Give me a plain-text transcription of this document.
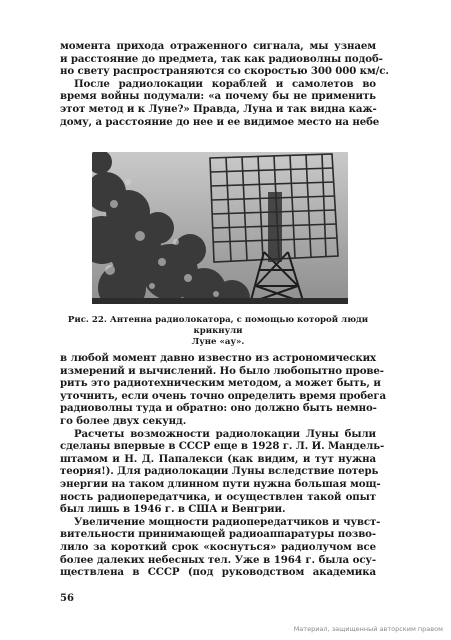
момента прихода отраженного сигнала, мы узнаем
и расстояние до предмета, так как радиоволны подоб-
но свету распространяются со скоростью 300 000 км/с.
После радиолокации кораблей и самолетов во
время войны подумали: «а почему бы не применить
этот метод и к Луне?» Правда, Луна и так видна каж-
дому, а расстояние до нее и ее видимое место на небе
Рис. 22. Антенна радиолокатора, с помощью которой люди крикнули
Луне «ау».
в любой момент давно известно из астрономических
измерений и вычислений. Но было любопытно прове-
рить это радиотехническим методом, а может быть, и
уточнить, если очень точно определить время пробега
радиоволны туда и обратно: оно должно быть немно-
го более двух секунд.
Расчеты возможности радиолокации Луны были
сделаны впервые в СССР еще в 1928 г. Л. И. Мандель-
штамом и Н. Д. Папалекси (как видим, и тут нужна
теория!). Для радиолокации Луны вследствие потерь
энергии на таком длинном пути нужна большая мощ-
ность радиопередатчика, и осуществлен такой опыт
был лишь в 1946 г. в США и Венгрии.
Увеличение мощности радиопередатчиков и чувст-
вительности принимающей радиоаппаратуры позво-
лило за короткий срок «коснуться» радиолучом все
более далеких небесных тел. Уже в 1964 г. была осу-
ществлена в СССР (под руководством академика
56
Материал, защищенный авторским правом
